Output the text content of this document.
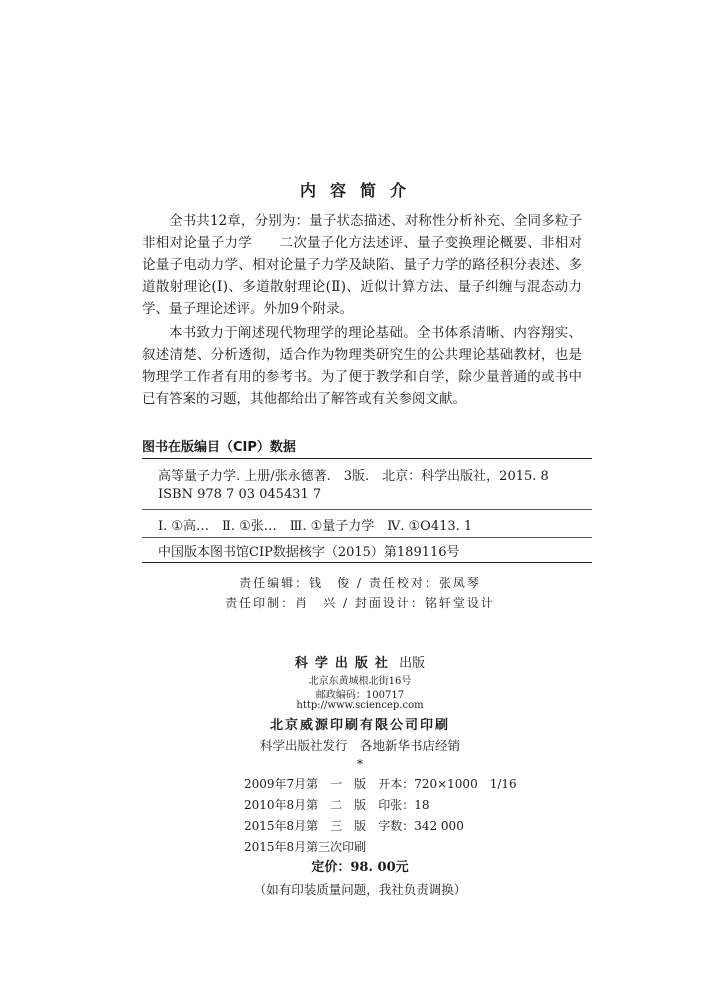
内容简介

全书共12章，分别为：量子状态描述、对称性分析补充、全同多粒子非相对论量子力学　　二次量子化方法述评、量子变换理论概要、非相对论量子电动力学、相对论量子力学及缺陷、量子力学的路径积分表述、多道散射理论(Ⅰ)、多道散射理论(Ⅱ)、近似计算方法、量子纠缠与混态动力学、量子理论述评。外加9个附录。

本书致力于阐述现代物理学的理论基础。全书体系清晰、内容翔实、叙述清楚、分析透彻，适合作为物理类研究生的公共理论基础教材，也是物理学工作者有用的参考书。为了便于教学和自学，除少量普通的或书中已有答案的习题，其他都给出了解答或有关参阅文献。

图书在版编目（CIP）数据
高等量子力学. 上册/张永德著.　3版.　北京：科学出版社，2015. 8
ISBN 978 7 03 045431 7
Ⅰ. ①高…　Ⅱ. ①张…　Ⅲ. ①量子力学　Ⅳ. ①O413. 1
中国版本图书馆CIP数据核字（2015）第189116号
责任编辑：钱　俊 / 责任校对：张凤琴
责任印制：肖　兴 / 封面设计：铭轩堂设计
科学出版社 出版
北京东黄城根北街16号
邮政编码：100717
http://www.sciencep.com
北京威源印刷有限公司印刷
科学出版社发行　各地新华书店经销
*
2009年7月第　一　版　 开本：720×1000　1/16
2010年8月第　二　版　 印张：18
2015年8月第　三　版　 字数：342 000
2015年8月第三次印刷
定价：98. 00元
（如有印装质量问题，我社负责调换）
